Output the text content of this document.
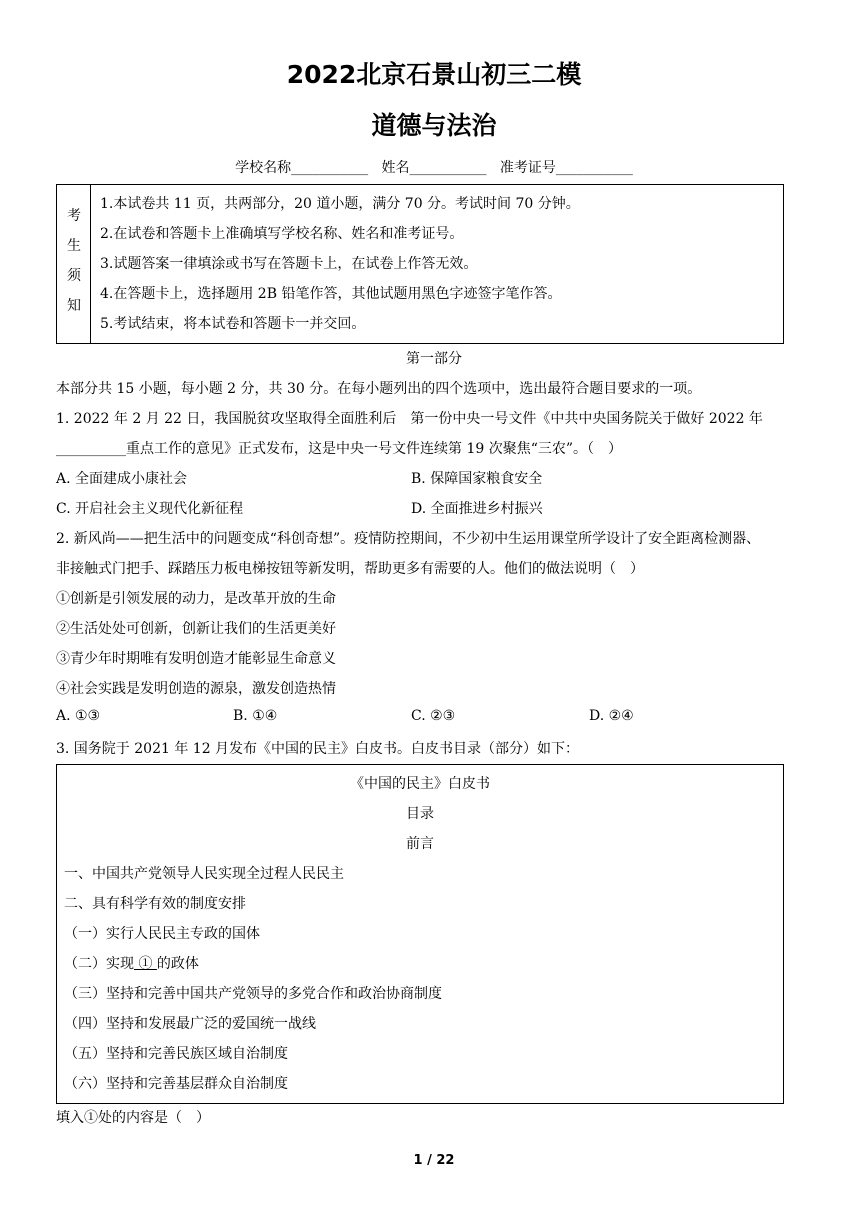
2022北京石景山初三二模
道德与法治
学校名称___________ 姓名___________ 准考证号___________
考
生
须
知
1.本试卷共 11 页，共两部分，20 道小题，满分 70 分。考试时间 70 分钟。
2.在试卷和答题卡上准确填写学校名称、姓名和准考证号。
3.试题答案一律填涂或书写在答题卡上，在试卷上作答无效。
4.在答题卡上，选择题用 2B 铅笔作答，其他试题用黑色字迹签字笔作答。
5.考试结束，将本试卷和答题卡一并交回。
第一部分
本部分共 15 小题，每小题 2 分，共 30 分。在每小题列出的四个选项中，选出最符合题目要求的一项。
1. 2022 年 2 月 22 日，我国脱贫攻坚取得全面胜利后　第一份中央一号文件《中共中央国务院关于做好 2022 年
__________重点工作的意见》正式发布，这是中央一号文件连续第 19 次聚焦“三农”。（　）
A. 全面建成小康社会	B. 保障国家粮食安全
C. 开启社会主义现代化新征程	D. 全面推进乡村振兴
2. 新风尚——把生活中的问题变成“科创奇想”。疫情防控期间，不少初中生运用课堂所学设计了安全距离检测器、
非接触式门把手、踩踏压力板电梯按钮等新发明，帮助更多有需要的人。他们的做法说明（　）
①创新是引领发展的动力，是改革开放的生命
②生活处处可创新，创新让我们的生活更美好
③青少年时期唯有发明创造才能彰显生命意义
④社会实践是发明创造的源泉，激发创造热情
A. ①③	B. ①④	C. ②③	D. ②④
3. 国务院于 2021 年 12 月发布《中国的民主》白皮书。白皮书目录（部分）如下：
《中国的民主》白皮书
目录
前言
一、中国共产党领导人民实现全过程人民民主
二、具有科学有效的制度安排
（一）实行人民民主专政的国体
（二）实现 ① 的政体
（三）坚持和完善中国共产党领导的多党合作和政治协商制度
（四）坚持和发展最广泛的爱国统一战线
（五）坚持和完善民族区域自治制度
（六）坚持和完善基层群众自治制度
填入①处的内容是（　）
1 / 22
